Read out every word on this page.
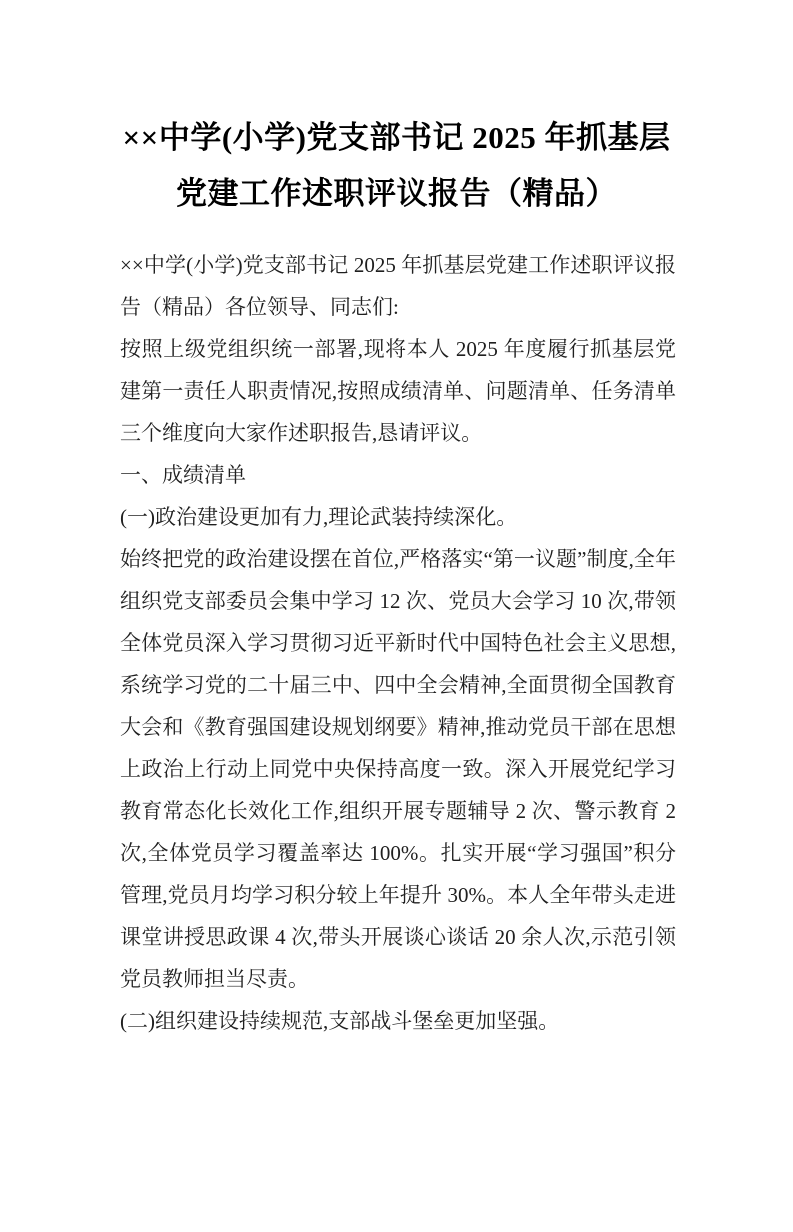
××中学(小学)党支部书记 2025 年抓基层
党建工作述职评议报告（精品）

××中学(小学)党支部书记 2025 年抓基层党建工作述职评议报告（精品）各位领导、同志们:

按照上级党组织统一部署,现将本人 2025 年度履行抓基层党建第一责任人职责情况,按照成绩清单、问题清单、任务清单三个维度向大家作述职报告,恳请评议。

一、成绩清单

(一)政治建设更加有力,理论武装持续深化。

始终把党的政治建设摆在首位,严格落实“第一议题”制度,全年组织党支部委员会集中学习 12 次、党员大会学习 10 次,带领全体党员深入学习贯彻习近平新时代中国特色社会主义思想,系统学习党的二十届三中、四中全会精神,全面贯彻全国教育大会和《教育强国建设规划纲要》精神,推动党员干部在思想上政治上行动上同党中央保持高度一致。深入开展党纪学习教育常态化长效化工作,组织开展专题辅导 2 次、警示教育 2 次,全体党员学习覆盖率达 100%。扎实开展“学习强国”积分管理,党员月均学习积分较上年提升 30%。本人全年带头走进课堂讲授思政课 4 次,带头开展谈心谈话 20 余人次,示范引领党员教师担当尽责。

(二)组织建设持续规范,支部战斗堡垒更加坚强。
